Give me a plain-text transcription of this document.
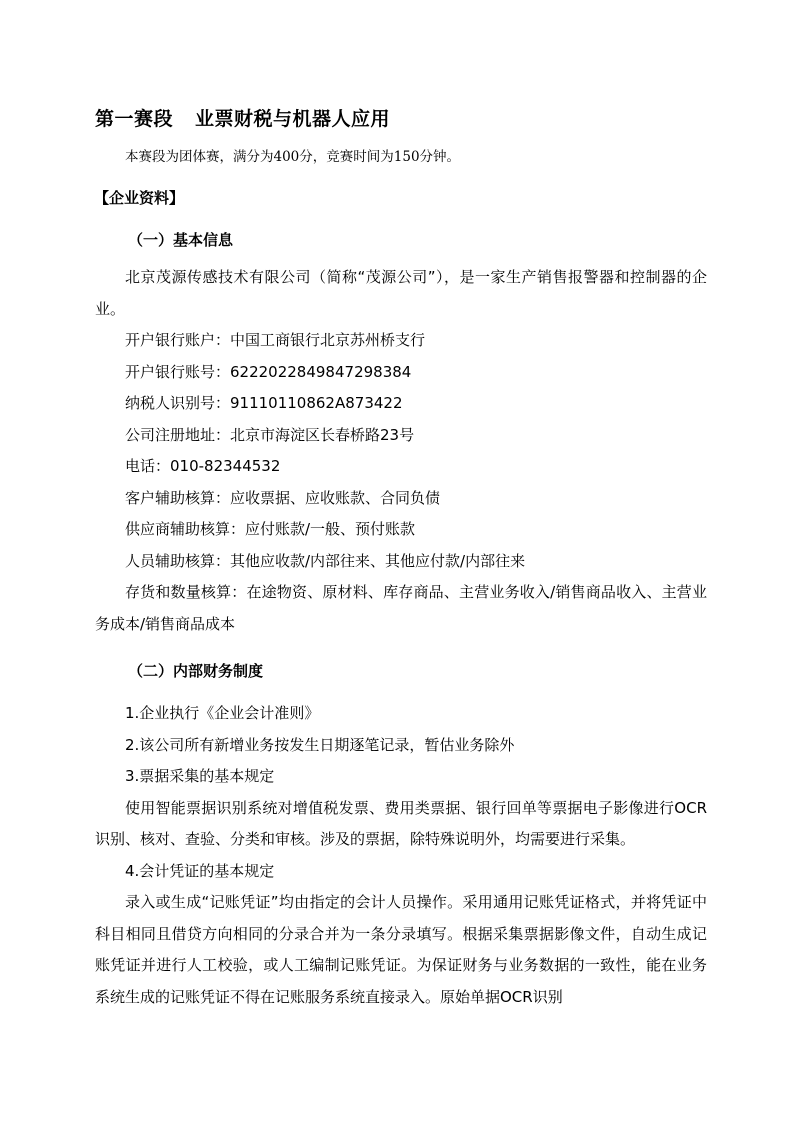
第一赛段 业票财税与机器人应用
本赛段为团体赛，满分为400分，竞赛时间为150分钟。
【企业资料】
（一）基本信息

北京茂源传感技术有限公司（简称“茂源公司”），是一家生产销售报警器和控制器的企业。

开户银行账户：中国工商银行北京苏州桥支行

开户银行账号：6222022849847298384

纳税人识别号：91110110862A873422

公司注册地址：北京市海淀区长春桥路23号

电话：010-82344532

客户辅助核算：应收票据、应收账款、合同负债

供应商辅助核算：应付账款/一般、预付账款

人员辅助核算：其他应收款/内部往来、其他应付款/内部往来

存货和数量核算：在途物资、原材料、库存商品、主营业务收入/销售商品收入、主营业务成本/销售商品成本

（二）内部财务制度

1.企业执行《企业会计准则》

2.该公司所有新增业务按发生日期逐笔记录，暂估业务除外

3.票据采集的基本规定

使用智能票据识别系统对增值税发票、费用类票据、银行回单等票据电子影像进行OCR识别、核对、查验、分类和审核。涉及的票据，除特殊说明外，均需要进行采集。

4.会计凭证的基本规定

录入或生成“记账凭证”均由指定的会计人员操作。采用通用记账凭证格式，并将凭证中科目相同且借贷方向相同的分录合并为一条分录填写。根据采集票据影像文件，自动生成记账凭证并进行人工校验，或人工编制记账凭证。为保证财务与业务数据的一致性，能在业务系统生成的记账凭证不得在记账服务系统直接录入。原始单据OCR识别
